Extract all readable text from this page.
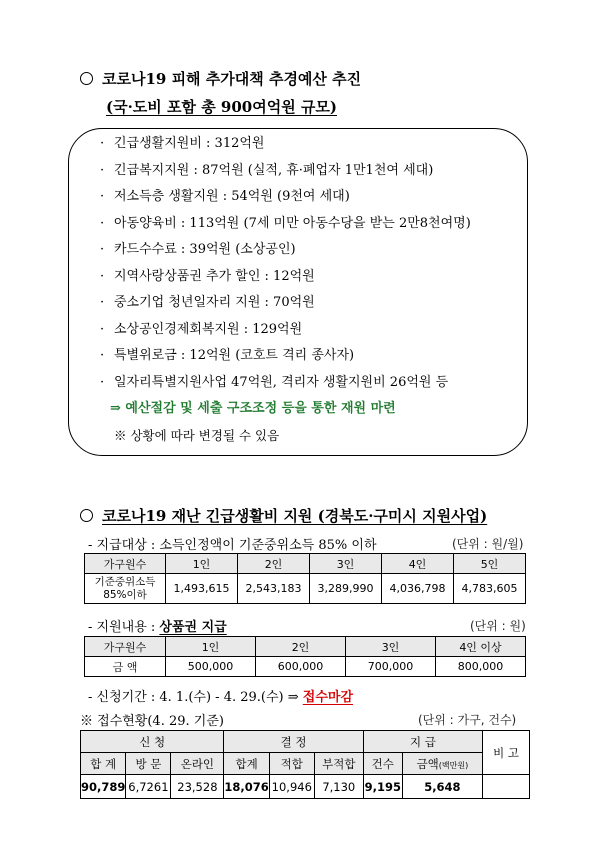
코로나19 피해 추가대책 추경예산 추진
(국·도비 포함 총 900여억원 규모)
· 긴급생활지원비 : 312억원
· 긴급복지지원 : 87억원 (실적, 휴·폐업자 1만1천여 세대)
· 저소득층 생활지원 : 54억원 (9천여 세대)
· 아동양육비 : 113억원 (7세 미만 아동수당을 받는 2만8천여명)
· 카드수수료 : 39억원 (소상공인)
· 지역사랑상품권 추가 할인 : 12억원
· 중소기업 청년일자리 지원 : 70억원
· 소상공인경제회복지원 : 129억원
· 특별위로금 : 12억원 (코호트 격리 종사자)
· 일자리특별지원사업 47억원, 격리자 생활지원비 26억원 등
⇒ 예산절감 및 세출 구조조정 등을 통한 재원 마련
※ 상황에 따라 변경될 수 있음
코로나19 재난 긴급생활비 지원 (경북도·구미시 지원사업)
- 지급대상 : 소득인정액이 기준중위소득 85% 이하	(단위 : 원/월)
가구원수	1인	2인	3인	4인	5인
기준중위소득
85%이하	1,493,615	2,543,183	3,289,990	4,036,798	4,783,605
- 지원내용 : 상품권 지급	(단위 : 원)
가구원수	1인	2인	3인	4인 이상
금 액	500,000	600,000	700,000	800,000
- 신청기간 : 4. 1.(수) - 4. 29.(수) ⇒ 접수마감
※ 접수현황(4. 29. 기준)	(단위 : 가구, 건수)
신 청			결 정			지 급		비 고
합 계	방 문	온라인	합계	적합	부적합	건수	금액(백만원)	
90,789	6,7261	23,528	18,076	10,946	7,130	9,195	5,648	
